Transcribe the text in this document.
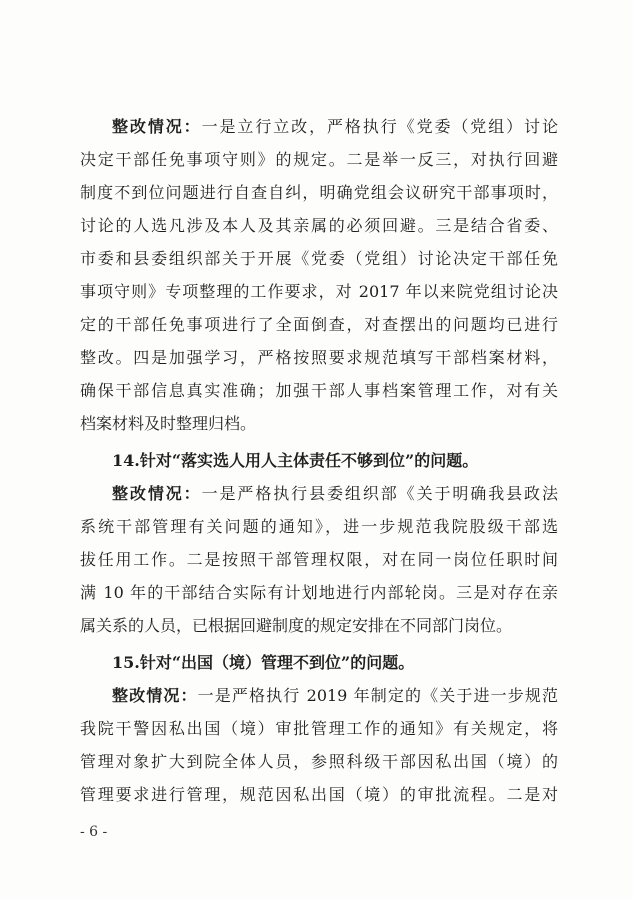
整改情况：一是立行立改，严格执行《党委（党组）讨论
决定干部任免事项守则》的规定。二是举一反三，对执行回避
制度不到位问题进行自查自纠，明确党组会议研究干部事项时，
讨论的人选凡涉及本人及其亲属的必须回避。三是结合省委、
市委和县委组织部关于开展《党委（党组）讨论决定干部任免
事项守则》专项整理的工作要求，对 2017 年以来院党组讨论决
定的干部任免事项进行了全面倒查，对查摆出的问题均已进行
整改。四是加强学习，严格按照要求规范填写干部档案材料，
确保干部信息真实准确；加强干部人事档案管理工作，对有关
档案材料及时整理归档。
14.针对“落实选人用人主体责任不够到位”的问题。
整改情况：一是严格执行县委组织部《关于明确我县政法
系统干部管理有关问题的通知》，进一步规范我院股级干部选
拔任用工作。二是按照干部管理权限，对在同一岗位任职时间
满 10 年的干部结合实际有计划地进行内部轮岗。三是对存在亲
属关系的人员，已根据回避制度的规定安排在不同部门岗位。
15.针对“出国（境）管理不到位”的问题。
整改情况：一是严格执行 2019 年制定的《关于进一步规范
我院干警因私出国（境）审批管理工作的通知》有关规定，将
管理对象扩大到院全体人员，参照科级干部因私出国（境）的
管理要求进行管理，规范因私出国（境）的审批流程。二是对
- 6 -
